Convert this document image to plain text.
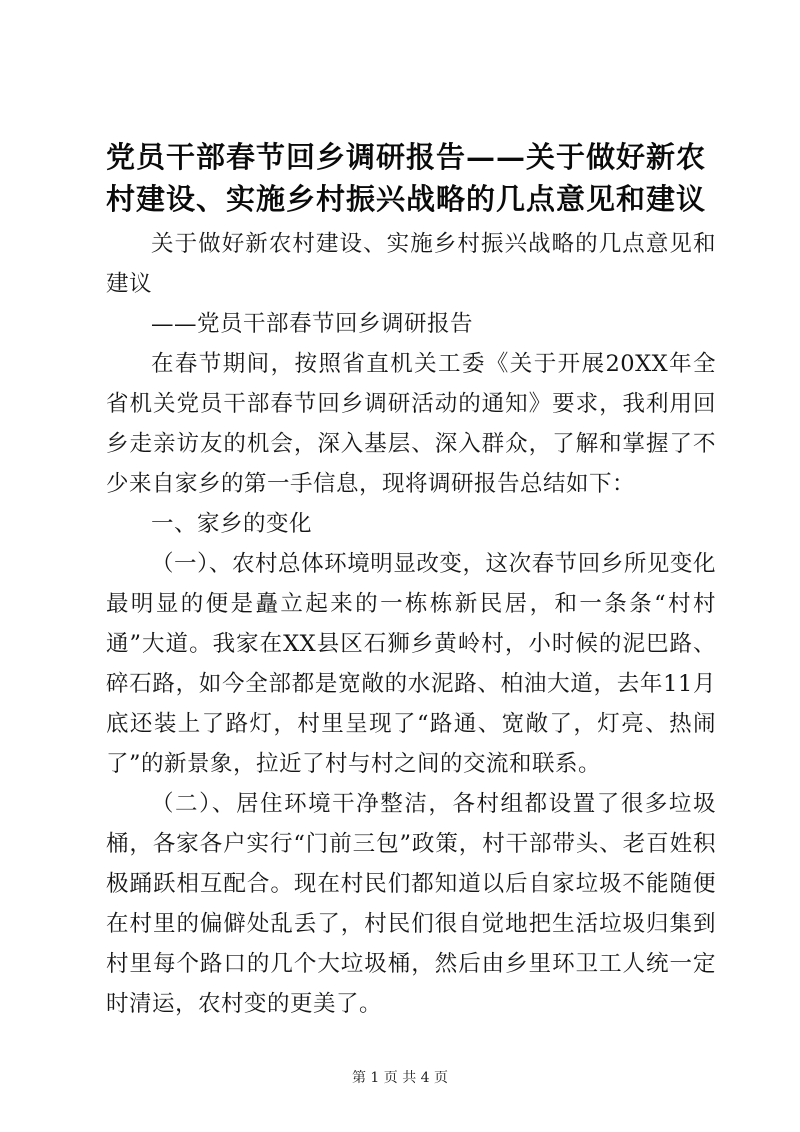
党员干部春节回乡调研报告——关于做好新农村建设、实施乡村振兴战略的几点意见和建议

关于做好新农村建设、实施乡村振兴战略的几点意见和建议

——党员干部春节回乡调研报告

在春节期间，按照省直机关工委《关于开展20XX年全省机关党员干部春节回乡调研活动的通知》要求，我利用回乡走亲访友的机会，深入基层、深入群众，了解和掌握了不少来自家乡的第一手信息，现将调研报告总结如下：

一、家乡的变化

（一）、农村总体环境明显改变，这次春节回乡所见变化最明显的便是矗立起来的一栋栋新民居，和一条条“村村通”大道。我家在XX县区石狮乡黄岭村，小时候的泥巴路、碎石路，如今全部都是宽敞的水泥路、柏油大道，去年11月底还装上了路灯，村里呈现了“路通、宽敞了，灯亮、热闹了”的新景象，拉近了村与村之间的交流和联系。

（二）、居住环境干净整洁，各村组都设置了很多垃圾桶，各家各户实行“门前三包”政策，村干部带头、老百姓积极踊跃相互配合。现在村民们都知道以后自家垃圾不能随便在村里的偏僻处乱丢了，村民们很自觉地把生活垃圾归集到村里每个路口的几个大垃圾桶，然后由乡里环卫工人统一定时清运，农村变的更美了。

第 1 页 共 4 页
